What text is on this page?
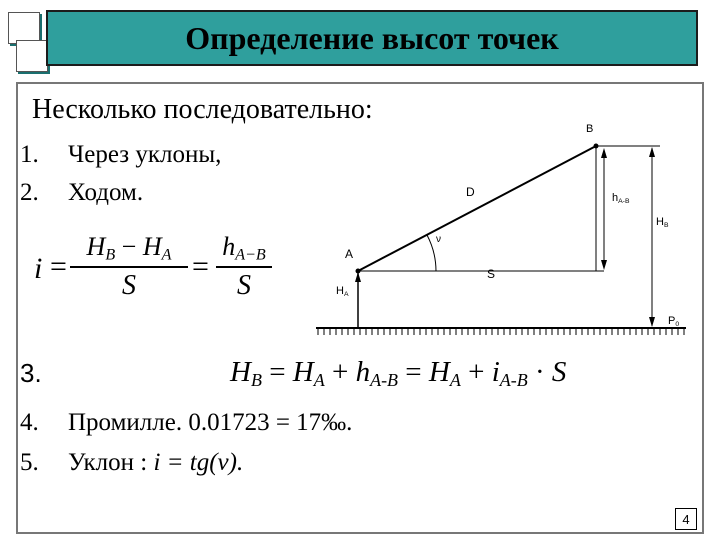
Определение высот точек
Несколько последовательно:
1. Через уклоны,
2. Ходом.
i =
$H_B - H_A$
S
=
$h_{A-B}$
S
B
D
A
S
ν
$h_{A-B}$
$H_B$
$H_A$
$P_0$
3.	$H_B = H_A + h_{A-B} = H_A + i_{A-B} \cdot S$
4. Промилле. 0.01723 = 17‰.
5. Уклон : i = tg(ν).
4
